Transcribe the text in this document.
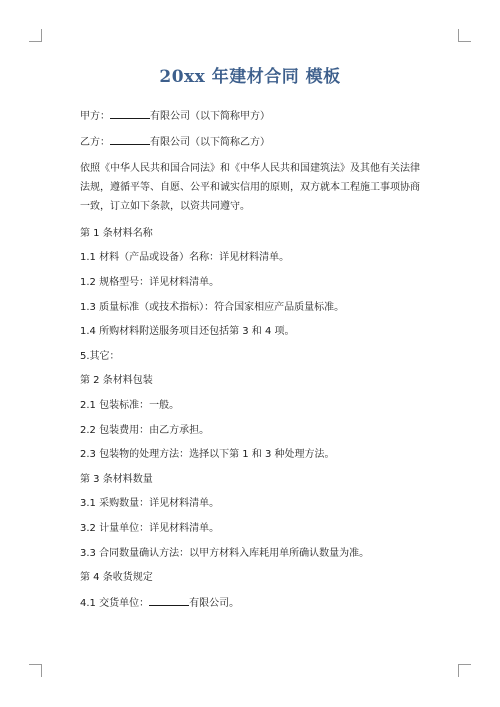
20xx 年建材合同 模板

甲方：	有限公司（以下简称甲方）

乙方：	有限公司（以下简称乙方）

依照《中华人民共和国合同法》和《中华人民共和国建筑法》及其他有关法律法规，遵循平等、自愿、公平和诚实信用的原则，双方就本工程施工事项协商一致，订立如下条款，以资共同遵守。

第 1 条材料名称

1.1 材料（产品或设备）名称：详见材料清单。

1.2 规格型号：详见材料清单。

1.3 质量标准（或技术指标）：符合国家相应产品质量标准。

1.4 所购材料附送服务项目还包括第 3 和 4 项。

5.其它：

第 2 条材料包装

2.1 包装标准：一般。

2.2 包装费用：由乙方承担。

2.3 包装物的处理方法：选择以下第 1 和 3 种处理方法。

第 3 条材料数量

3.1 采购数量：详见材料清单。

3.2 计量单位：详见材料清单。

3.3 合同数量确认方法：以甲方材料入库耗用单所确认数量为准。

第 4 条收货规定

4.1 交货单位：	有限公司。
